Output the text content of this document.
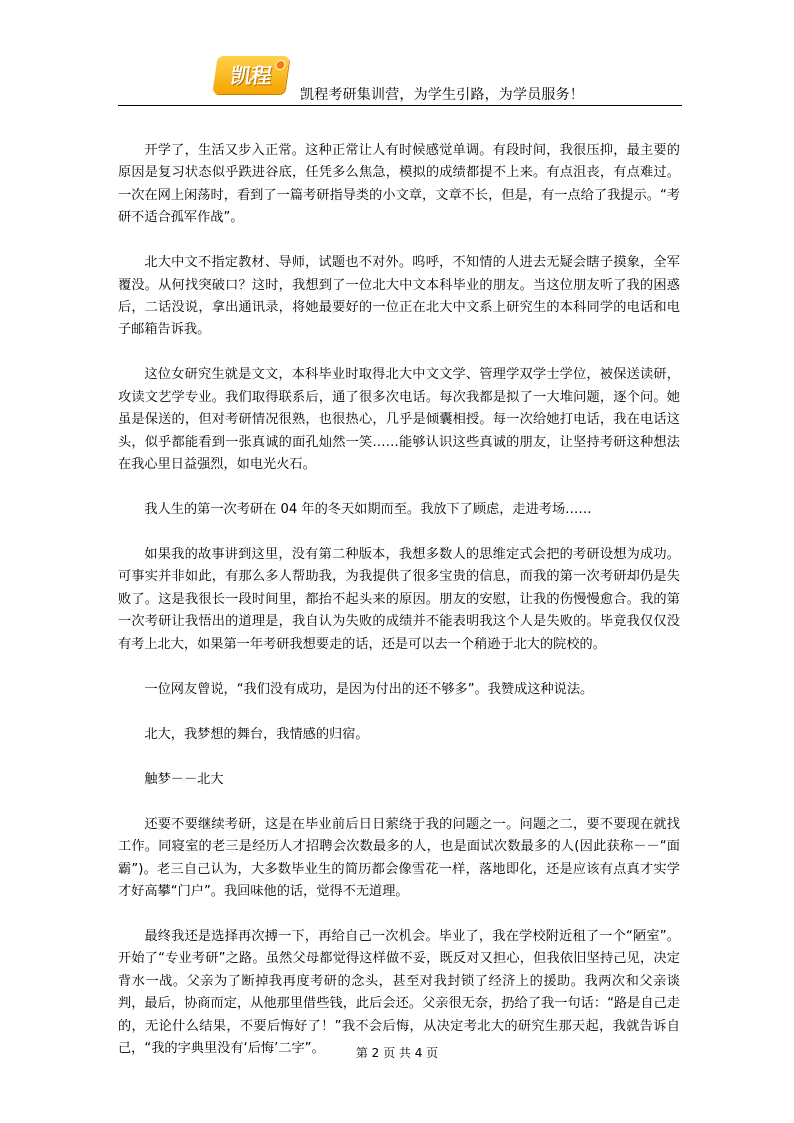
凯程
凯程考研集训营，为学生引路，为学员服务！

开学了，生活又步入正常。这种正常让人有时候感觉单调。有段时间，我很压抑，最主要的原因是复习状态似乎跌进谷底，任凭多么焦急，模拟的成绩都提不上来。有点沮丧，有点难过。一次在网上闲荡时，看到了一篇考研指导类的小文章，文章不长，但是，有一点给了我提示。“考研不适合孤军作战”。

北大中文不指定教材、导师，试题也不对外。呜呼，不知情的人进去无疑会瞎子摸象，全军覆没。从何找突破口？这时，我想到了一位北大中文本科毕业的朋友。当这位朋友听了我的困惑后，二话没说，拿出通讯录，将她最要好的一位正在北大中文系上研究生的本科同学的电话和电子邮箱告诉我。

这位女研究生就是文文，本科毕业时取得北大中文文学、管理学双学士学位，被保送读研，攻读文艺学专业。我们取得联系后，通了很多次电话。每次我都是拟了一大堆问题，逐个问。她虽是保送的，但对考研情况很熟，也很热心，几乎是倾囊相授。每一次给她打电话，我在电话这头，似乎都能看到一张真诚的面孔灿然一笑……能够认识这些真诚的朋友，让坚持考研这种想法在我心里日益强烈，如电光火石。

我人生的第一次考研在 04 年的冬天如期而至。我放下了顾虑，走进考场……

如果我的故事讲到这里，没有第二种版本，我想多数人的思维定式会把的考研设想为成功。可事实并非如此，有那么多人帮助我，为我提供了很多宝贵的信息，而我的第一次考研却仍是失败了。这是我很长一段时间里，都抬不起头来的原因。朋友的安慰，让我的伤慢慢愈合。我的第一次考研让我悟出的道理是，我自认为失败的成绩并不能表明我这个人是失败的。毕竟我仅仅没有考上北大，如果第一年考研我想要走的话，还是可以去一个稍逊于北大的院校的。

一位网友曾说，“我们没有成功，是因为付出的还不够多”。我赞成这种说法。

北大，我梦想的舞台，我情感的归宿。

触梦－－北大

还要不要继续考研，这是在毕业前后日日萦绕于我的问题之一。问题之二，要不要现在就找工作。同寝室的老三是经历人才招聘会次数最多的人，也是面试次数最多的人(因此获称－－“面霸”)。老三自己认为，大多数毕业生的简历都会像雪花一样，落地即化，还是应该有点真才实学才好高攀“门户”。我回味他的话，觉得不无道理。

最终我还是选择再次搏一下，再给自己一次机会。毕业了，我在学校附近租了一个“陋室”。开始了“专业考研”之路。虽然父母都觉得这样做不妥，既反对又担心，但我依旧坚持己见，决定背水一战。父亲为了断掉我再度考研的念头，甚至对我封锁了经济上的援助。我两次和父亲谈判，最后，协商而定，从他那里借些钱，此后会还。父亲很无奈，扔给了我一句话：“路是自己走的，无论什么结果，不要后悔好了！”我不会后悔，从决定考北大的研究生那天起，我就告诉自己，“我的字典里没有‘后悔’二字”。	第 2 页 共 4 页
